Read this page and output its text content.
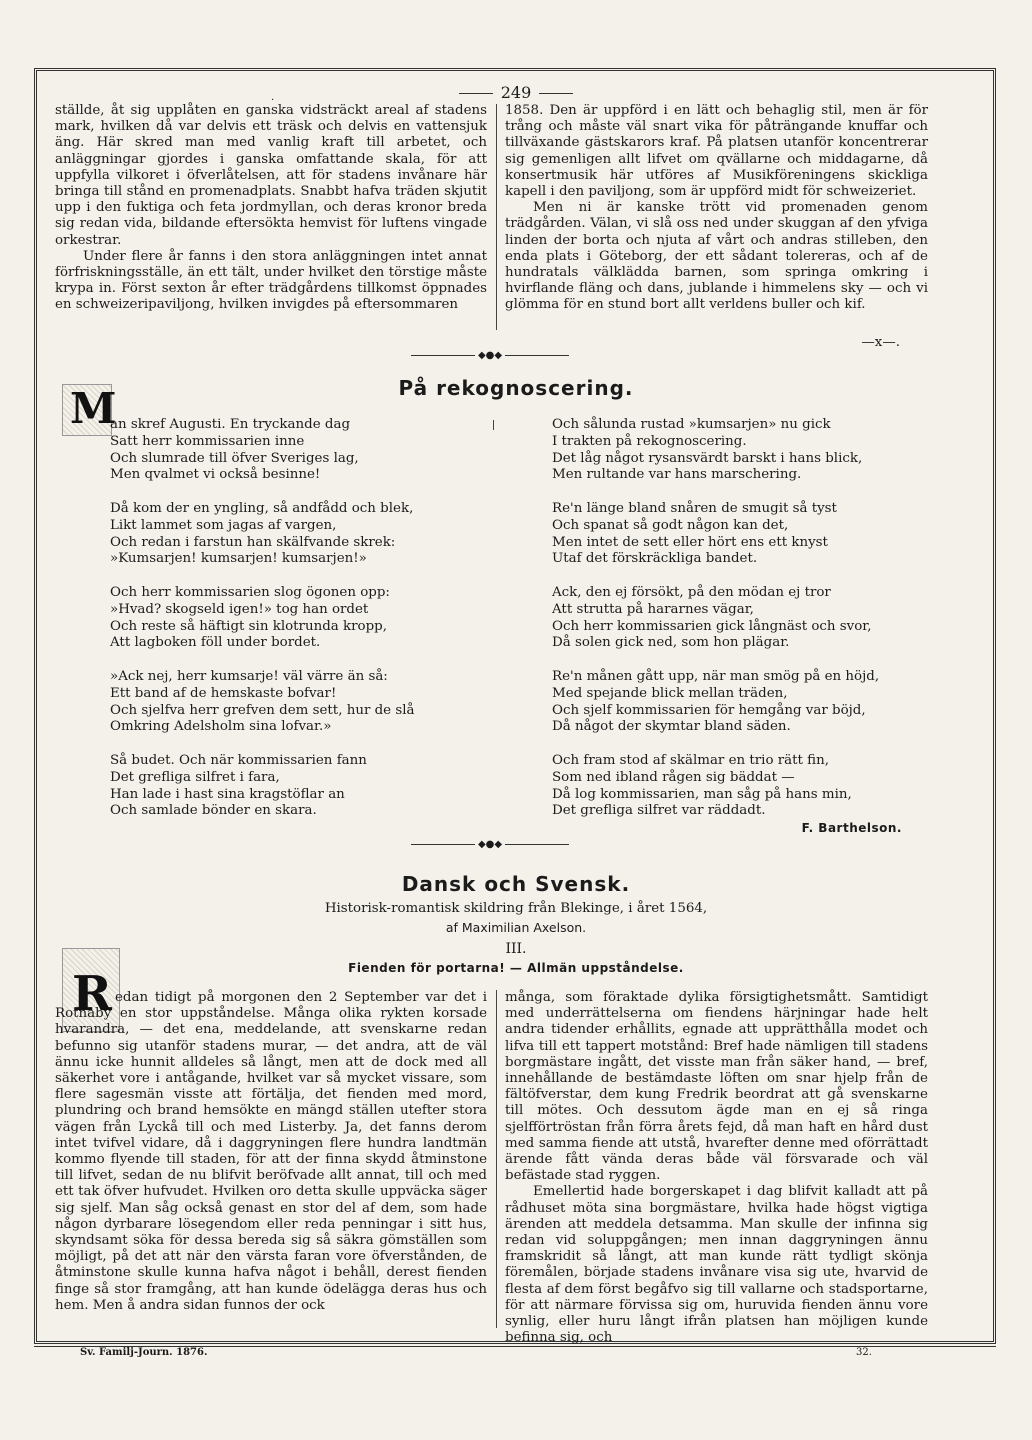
·	249

ställde, åt sig upplåten en ganska vidsträckt areal af stadens mark, hvilken då var delvis ett träsk och delvis en vattensjuk äng. Här skred man med vanlig kraft till arbetet, och anläggningar gjordes i ganska omfattande skala, för att uppfylla vilkoret i öfverlåtelsen, att för stadens invånare här bringa till stånd en promenadplats. Snabbt hafva träden skjutit upp i den fuktiga och feta jordmyllan, och deras kronor breda sig redan vida, bildande eftersökta hemvist för luftens vingade orkestrar.

Under flere år fanns i den stora anläggningen intet annat förfriskningsställe, än ett tält, under hvilket den törstige måste krypa in. Först sexton år efter trädgårdens tillkomst öppnades en schweizeripaviljong, hvilken invigdes på eftersommaren

1858. Den är uppförd i en lätt och behaglig stil, men är för trång och måste väl snart vika för påträngande knuffar och tillväxande gästskarors kraf. På platsen utanför koncentrerar sig gemenligen allt lifvet om qvällarne och middagarne, då konsertmusik här utföres af Musikföreningens skickliga kapell i den paviljong, som är uppförd midt för schweizeriet.

Men ni är kanske trött vid promenaden genom trädgården. Välan, vi slå oss ned under skuggan af den yfviga linden der borta och njuta af vårt och andras stilleben, den enda plats i Göteborg, der ett sådant tolereras, och af de hundratals välklädda barnen, som springa omkring i hvirflande fläng och dans, jublande i himmelens sky — och vi glömma för en stund bort allt verldens buller och kif.

—x—.
◆●◆
På rekognoscering.
M

an skref Augusti. En tryckande dag

Satt herr kommissarien inne

Och slumrade till öfver Sveriges lag,

Men qvalmet vi också besinne!

Då kom der en yngling, så andfådd och blek,

Likt lammet som jagas af vargen,

Och redan i farstun han skälfvande skrek:

»Kumsarjen! kumsarjen! kumsarjen!»

Och herr kommissarien slog ögonen opp:

»Hvad? skogseld igen!» tog han ordet

Och reste så häftigt sin klotrunda kropp,

Att lagboken föll under bordet.

»Ack nej, herr kumsarje! väl värre än så:

Ett band af de hemskaste bofvar!

Och sjelfva herr grefven dem sett, hur de slå

Omkring Adelsholm sina lofvar.»

Så budet. Och när kommissarien fann

Det grefliga silfret i fara,

Han lade i hast sina kragstöflar an

Och samlade bönder en skara.

Och sålunda rustad »kumsarjen» nu gick

I trakten på rekognoscering.

Det låg något rysansvärdt barskt i hans blick,

Men rultande var hans marschering.

Re'n länge bland snåren de smugit så tyst

Och spanat så godt någon kan det,

Men intet de sett eller hört ens ett knyst

Utaf det förskräckliga bandet.

Ack, den ej försökt, på den mödan ej tror

Att strutta på hararnes vägar,

Och herr kommissarien gick långnäst och svor,

Då solen gick ned, som hon plägar.

Re'n månen gått upp, när man smög på en höjd,

Med spejande blick mellan träden,

Och sjelf kommissarien för hemgång var böjd,

Då något der skymtar bland säden.

Och fram stod af skälmar en trio rätt fin,

Som ned ibland rågen sig bäddat —

Då log kommissarien, man såg på hans min,

Det grefliga silfret var räddadt.

F. Barthelson.
◆●◆
Dansk och Svensk.
Historisk-romantisk skildring från Blekinge, i året 1564,
af Maximilian Axelson.
III.
Fienden för portarna! — Allmän uppståndelse.
R edan tidigt på morgonen den 2 September var det i Rotnaby en stor uppståndelse. Många olika rykten korsade hvarandra, — det ena, meddelande, att svenskarne redan befunno sig utanför stadens murar, — det andra, att de väl ännu icke hunnit alldeles så långt, men att de dock med all säkerhet vore i antågande, hvilket var så mycket vissare, som flere sagesmän visste att förtälja, det fienden med mord, plundring och brand hemsökte en mängd ställen utefter stora vägen från Lyckå till och med Listerby. Ja, det fanns derom intet tvifvel vidare, då i daggryningen flere hundra landtmän kommo flyende till staden, för att der finna skydd åtminstone till lifvet, sedan de nu blifvit beröfvade allt annat, till och med ett tak öfver hufvudet. Hvilken oro detta skulle uppväcka säger sig sjelf. Man såg också genast en stor del af dem, som hade någon dyrbarare lösegendom eller reda penningar i sitt hus, skyndsamt söka för dessa bereda sig så säkra gömställen som möjligt, på det att när den värsta faran vore öfverstånden, de åtminstone skulle kunna hafva något i behåll, derest fienden finge så stor framgång, att han kunde ödelägga deras hus och hem. Men å andra sidan funnos der ock

många, som föraktade dylika försigtighetsmått. Samtidigt med underrättelserna om fiendens härjningar hade helt andra tidender erhållits, egnade att upprätthålla modet och lifva till ett tappert motstånd: Bref hade nämligen till stadens borgmästare ingått, det visste man från säker hand, — bref, innehållande de bestämdaste löften om snar hjelp från de fältöfverstar, dem kung Fredrik beordrat att gå svenskarne till mötes. Och dessutom ägde man en ej så ringa sjelfförtröstan från förra årets fejd, då man haft en hård dust med samma fiende att utstå, hvarefter denne med oförrättadt ärende fått vända deras både väl försvarade och väl befästade stad ryggen.

Emellertid hade borgerskapet i dag blifvit kalladt att på rådhuset möta sina borgmästare, hvilka hade högst vigtiga ärenden att meddela detsamma. Man skulle der infinna sig redan vid soluppgången; men innan daggryningen ännu framskridit så långt, att man kunde rätt tydligt skönja föremålen, började stadens invånare visa sig ute, hvarvid de flesta af dem först begåfvo sig till vallarne och stadsportarne, för att närmare förvissa sig om, huruvida fienden ännu vore synlig, eller huru långt ifrån platsen han möjligen kunde befinna sig, och

Sv. Familj-Journ. 1876.	32.
